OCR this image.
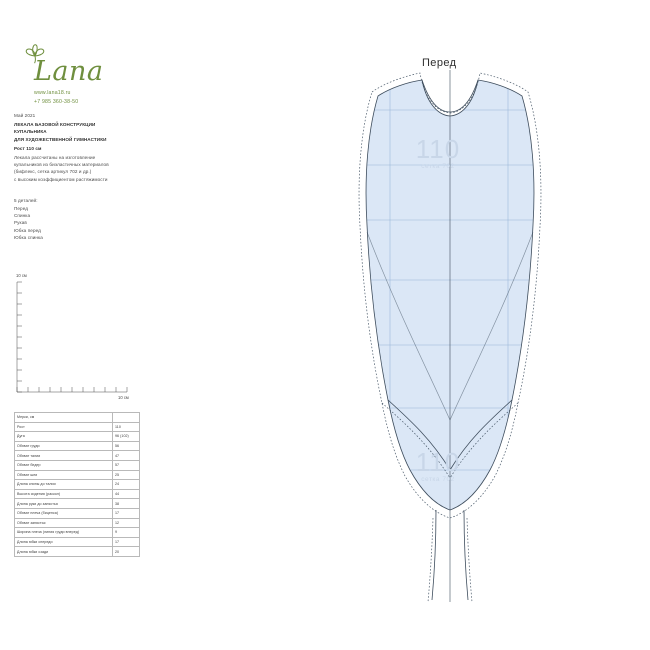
Lana
www.lana18.ru
+7 985 360-38-50
Май 2021
ЛЕКАЛА БАЗОВОЙ КОНСТРУКЦИИ
КУПАЛЬНИКА
ДЛЯ ХУДОЖЕСТВЕННОЙ ГИМНАСТИКИ
Рост 110 см
Лекала рассчитаны на изготовление
купальников из биэластичных материалов
(бифлекс, сетка артикул 702 и др.)
с высоким коэффициентом растяжимости
5 деталей:
Перед
Спинка
Рукав
Юбка перед
Юбка спинка
10 см
10 см
Мерки, см	
Рост	110
Дуга	96 (102)
Обхват груди	56
Обхват талии	47
Обхват бедер	57
Обхват шеи	25
Длина спины до талии	24
Высота сидения (раскол)	44
Длина руки до запястья	38
Обхват плеча (бицепса)	17
Обхват запястья	12
Ширина плеча (линия груди вперед)	9
Длина юбки спереди	17
Длина юбки сзади	20
Перед
110
сетка 702
110
сетка 702
